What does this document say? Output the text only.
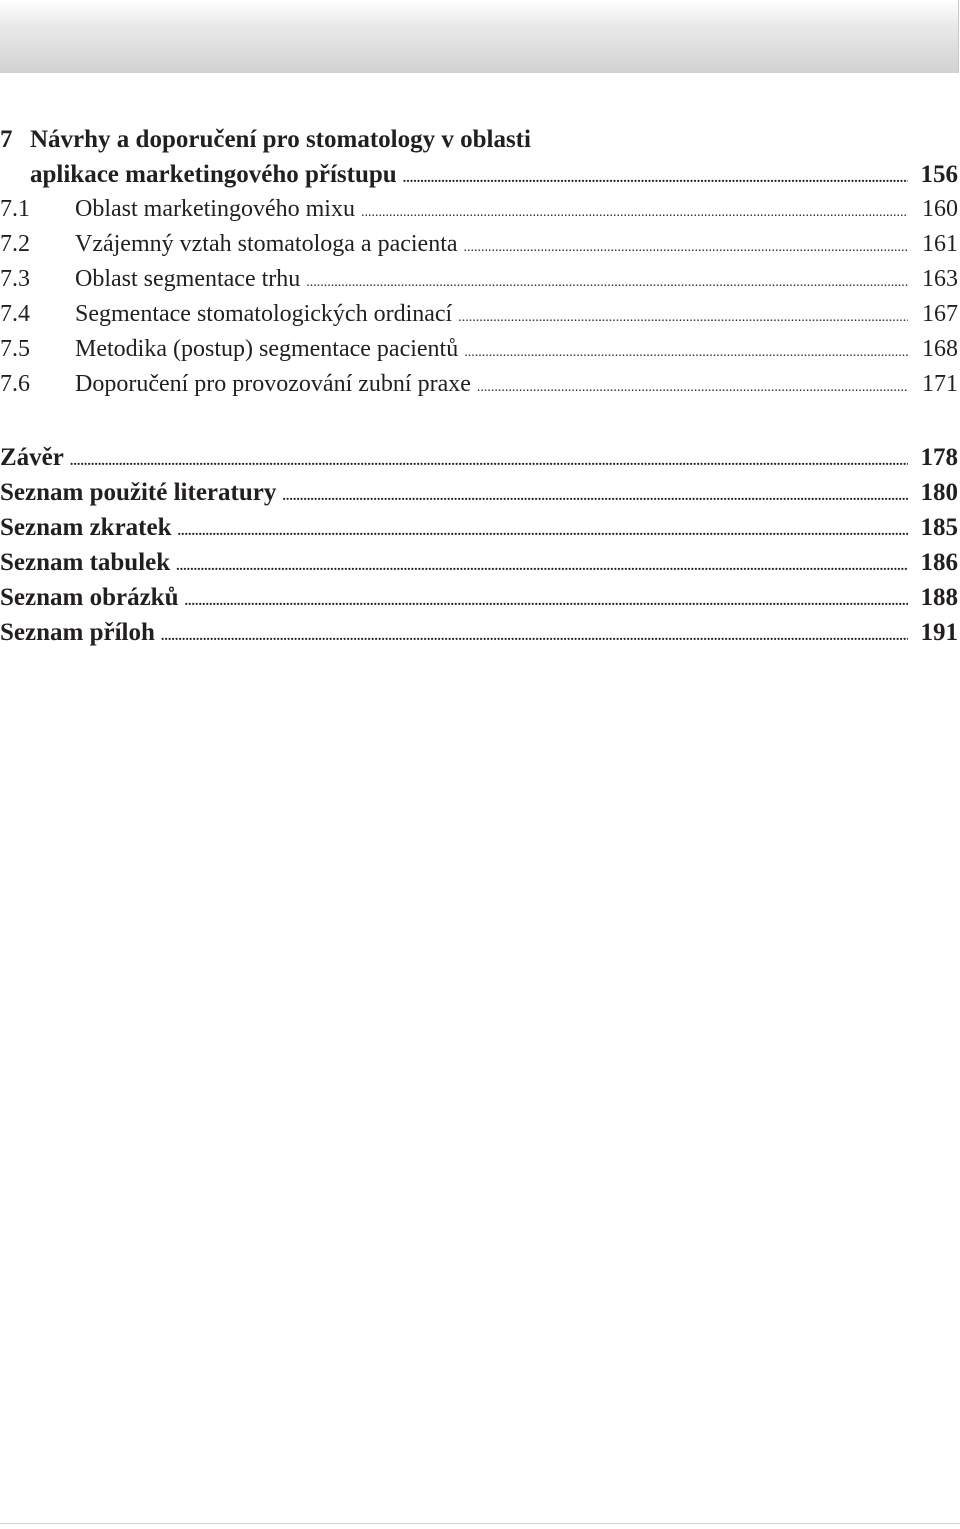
7 Návrhy a doporučení pro stomatology v oblasti
aplikace marketingového přístupu .....	156
7.1	Oblast marketingového mixu .....	160
7.2	Vzájemný vztah stomatologa a pacienta .....	161
7.3	Oblast segmentace trhu .....	163
7.4	Segmentace stomatologických ordinací .....	167
7.5	Metodika (postup) segmentace pacientů .....	168
7.6	Doporučení pro provozování zubní praxe .....	171
Závěr .....	178
Seznam použité literatury .....	180
Seznam zkratek .....	185
Seznam tabulek .....	186
Seznam obrázků .....	188
Seznam příloh .....	191
